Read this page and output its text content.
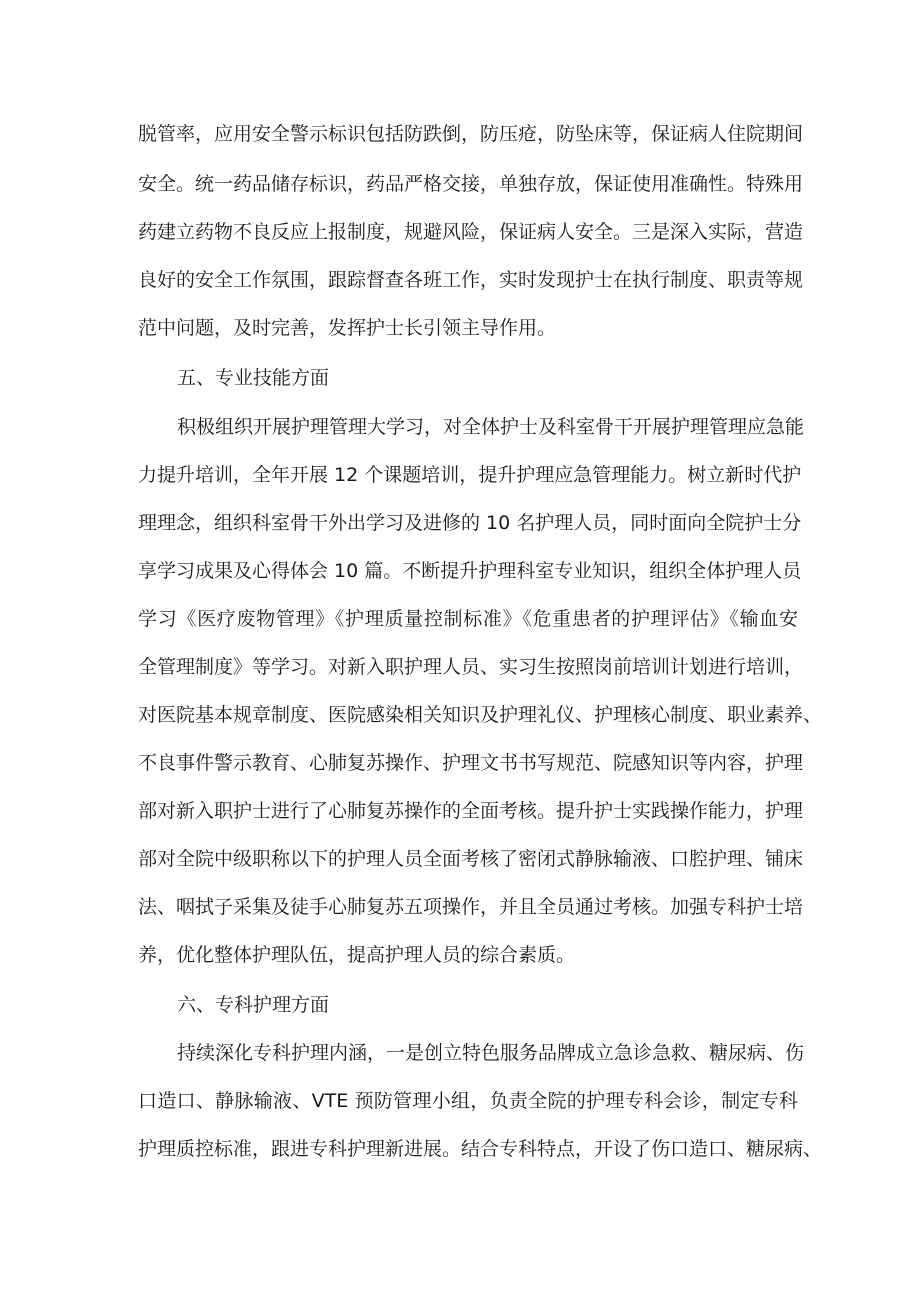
脱管率，应用安全警示标识包括防跌倒，防压疮，防坠床等，保证病人住院期间
安全。统一药品储存标识，药品严格交接，单独存放，保证使用准确性。特殊用
药建立药物不良反应上报制度，规避风险，保证病人安全。三是深入实际，营造
良好的安全工作氛围，跟踪督查各班工作，实时发现护士在执行制度、职责等规
范中问题，及时完善，发挥护士长引领主导作用。
五、专业技能方面
积极组织开展护理管理大学习，对全体护士及科室骨干开展护理管理应急能
力提升培训，全年开展 12 个课题培训，提升护理应急管理能力。树立新时代护
理理念，组织科室骨干外出学习及进修的 10 名护理人员，同时面向全院护士分
享学习成果及心得体会 10 篇。不断提升护理科室专业知识，组织全体护理人员
学习《医疗废物管理》《护理质量控制标准》《危重患者的护理评估》《输血安
全管理制度》等学习。对新入职护理人员、实习生按照岗前培训计划进行培训，
对医院基本规章制度、医院感染相关知识及护理礼仪、护理核心制度、职业素养、
不良事件警示教育、心肺复苏操作、护理文书书写规范、院感知识等内容，护理
部对新入职护士进行了心肺复苏操作的全面考核。提升护士实践操作能力，护理
部对全院中级职称以下的护理人员全面考核了密闭式静脉输液、口腔护理、铺床
法、咽拭子采集及徒手心肺复苏五项操作，并且全员通过考核。加强专科护士培
养，优化整体护理队伍，提高护理人员的综合素质。
六、专科护理方面
持续深化专科护理内涵，一是创立特色服务品牌成立急诊急救、糖尿病、伤
口造口、静脉输液、VTE 预防管理小组，负责全院的护理专科会诊，制定专科
护理质控标准，跟进专科护理新进展。结合专科特点，开设了伤口造口、糖尿病、
